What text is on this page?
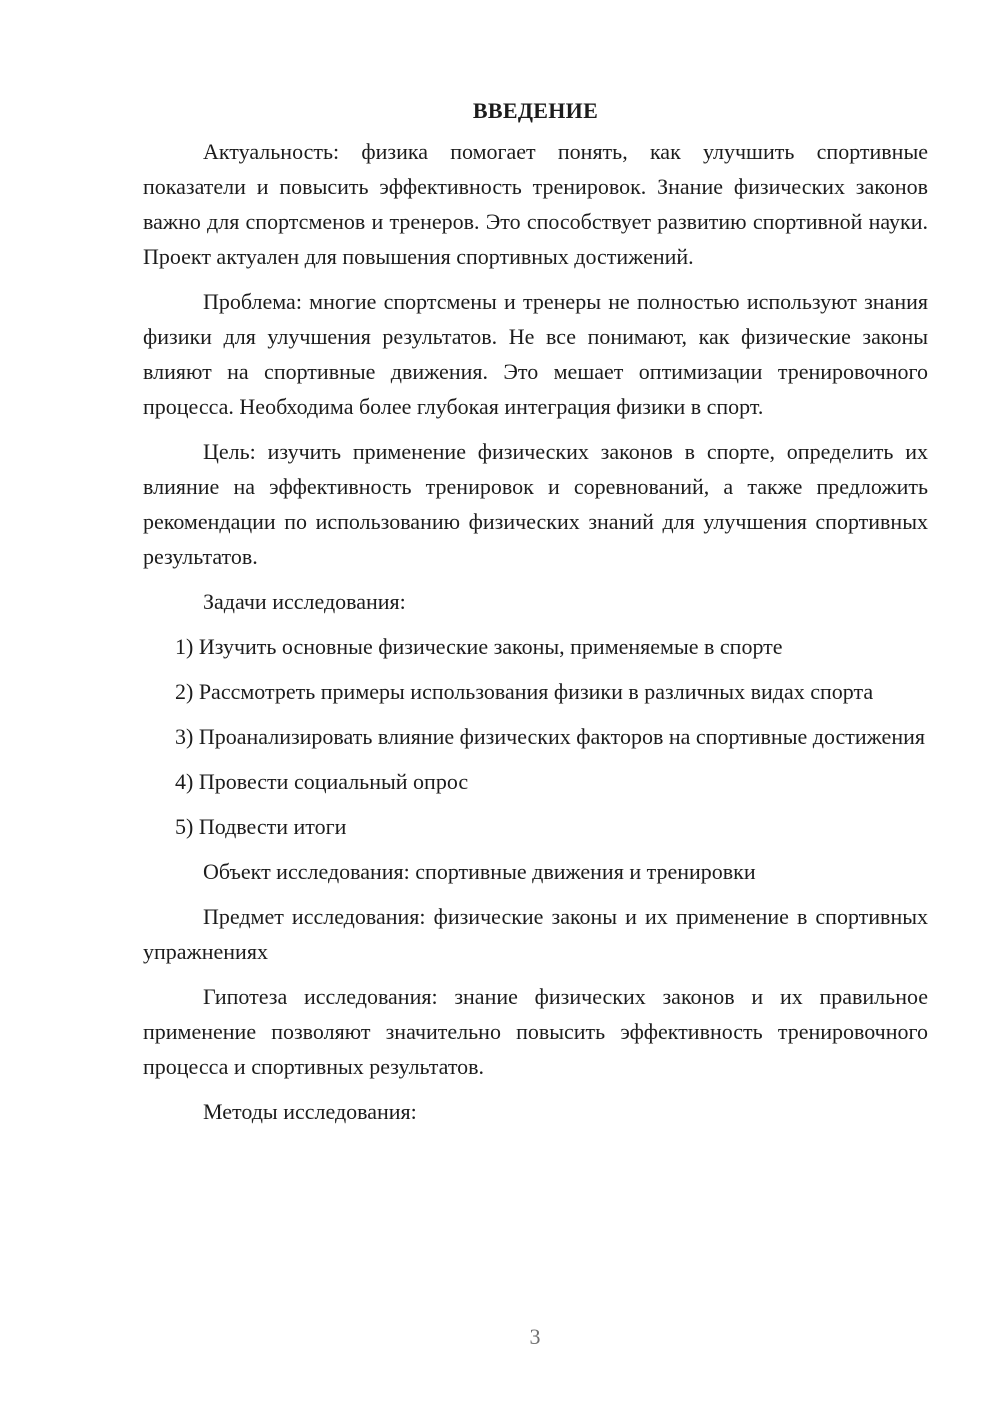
ВВЕДЕНИЕ

Актуальность: физика помогает понять, как улучшить спортивные показатели и повысить эффективность тренировок. Знание физических законов важно для спортсменов и тренеров. Это способствует развитию спортивной науки. Проект актуален для повышения спортивных достижений.

Проблема: многие спортсмены и тренеры не полностью используют знания физики для улучшения результатов. Не все понимают, как физические законы влияют на спортивные движения. Это мешает оптимизации тренировочного процесса. Необходима более глубокая интеграция физики в спорт.

Цель: изучить применение физических законов в спорте, определить их влияние на эффективность тренировок и соревнований, а также предложить рекомендации по использованию физических знаний для улучшения спортивных результатов.

Задачи исследования:

1) Изучить основные физические законы, применяемые в спорте

2) Рассмотреть примеры использования физики в различных видах спорта

3) Проанализировать влияние физических факторов на спортивные достижения

4) Провести социальный опрос

5) Подвести итоги

Объект исследования: спортивные движения и тренировки

Предмет исследования: физические законы и их применение в спортивных упражнениях

Гипотеза исследования: знание физических законов и их правильное применение позволяют значительно повысить эффективность тренировочного процесса и спортивных результатов.

Методы исследования:

3
